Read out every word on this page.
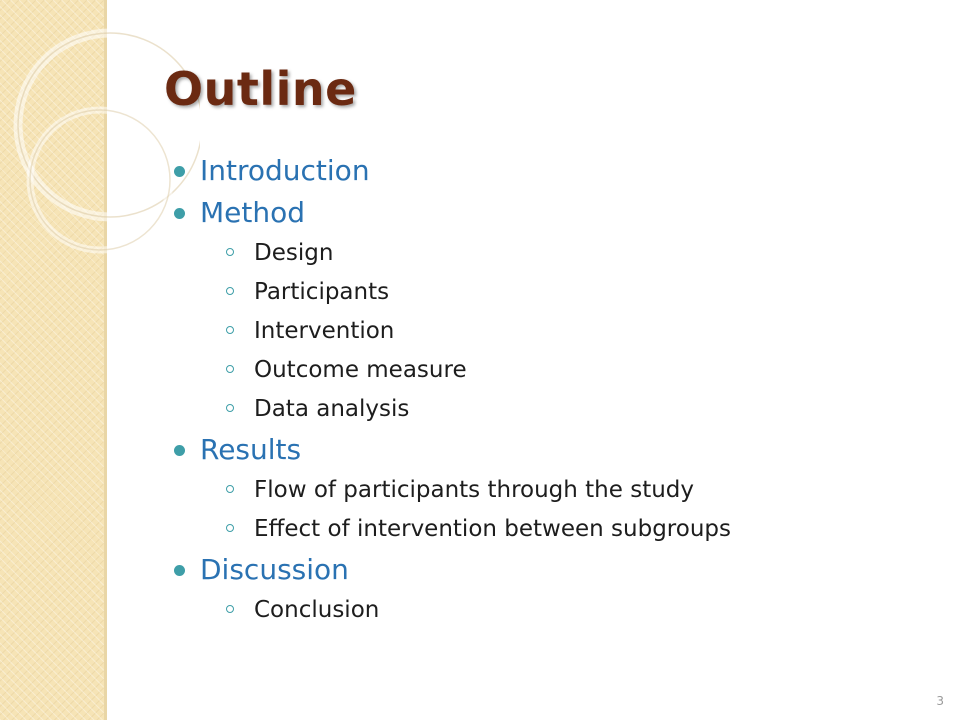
Outline
Introduction
Method
Design
Participants
Intervention
Outcome measure
Data analysis
Results
Flow of participants through the study
Effect of intervention between subgroups
Discussion
Conclusion
3
